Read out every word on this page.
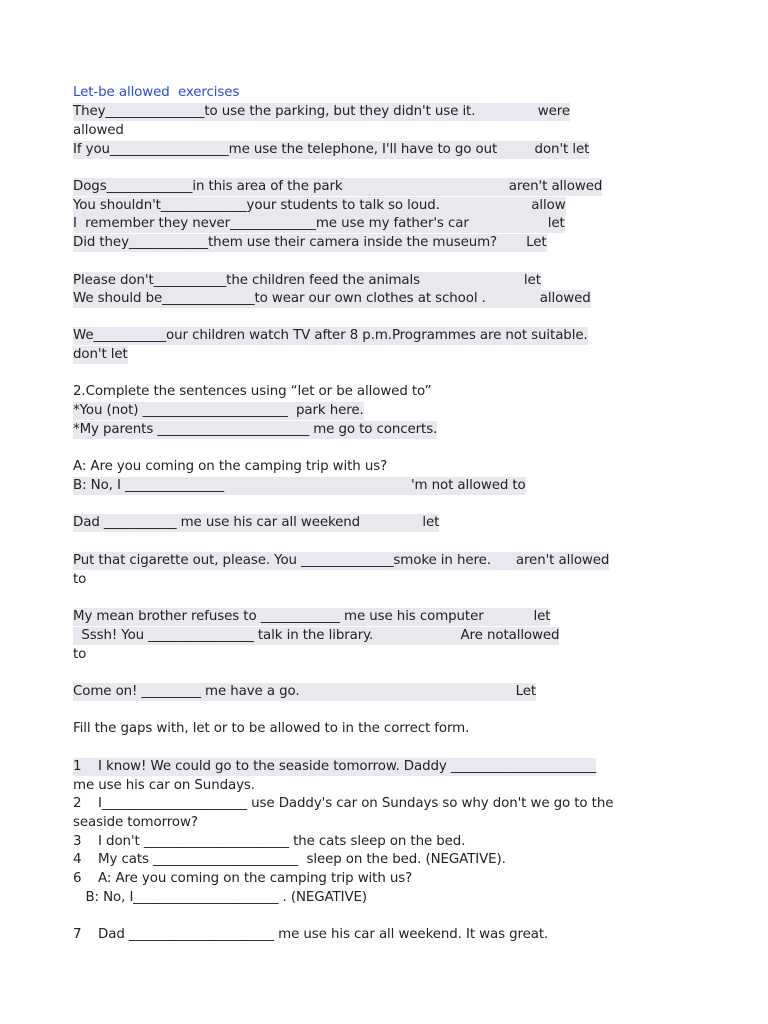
Let-be allowed  exercises
They_______________to use the parking, but they didn't use it.               were
allowed
If you__________________me use the telephone, I'll have to go out         don't let
Dogs_____________in this area of the park                                        aren't allowed
You shouldn't_____________your students to talk so loud.                      allow
I  remember they never_____________me use my father's car                   let
Did they____________them use their camera inside the museum?       Let
Please don't___________the children feed the animals                         let
We should be______________to wear our own clothes at school .             allowed
We___________our children watch TV after 8 p.m.Programmes are not suitable.
don't let
2.Complete the sentences using “let or be allowed to”
*You (not) ______________________  park here.
*My parents _______________________ me go to concerts.
A: Are you coming on the camping trip with us?
B: No, I _______________                                             'm not allowed to
Dad ___________ me use his car all weekend               let
Put that cigarette out, please. You ______________smoke in here.      aren't allowed
to
My mean brother refuses to ____________ me use his computer            let
Sssh! You ________________ talk in the library.                     Are notallowed
to
Come on! _________ me have a go.                                                    Let
Fill the gaps with, let or to be allowed to in the correct form.
1    I know! We could go to the seaside tomorrow. Daddy ______________________
me use his car on Sundays.
2    I______________________ use Daddy's car on Sundays so why don't we go to the
seaside tomorrow?
3    I don't ______________________ the cats sleep on the bed.
4    My cats ______________________  sleep on the bed. (NEGATIVE).
6    A: Are you coming on the camping trip with us?
B: No, I______________________ . (NEGATIVE)
7    Dad ______________________ me use his car all weekend. It was great.
